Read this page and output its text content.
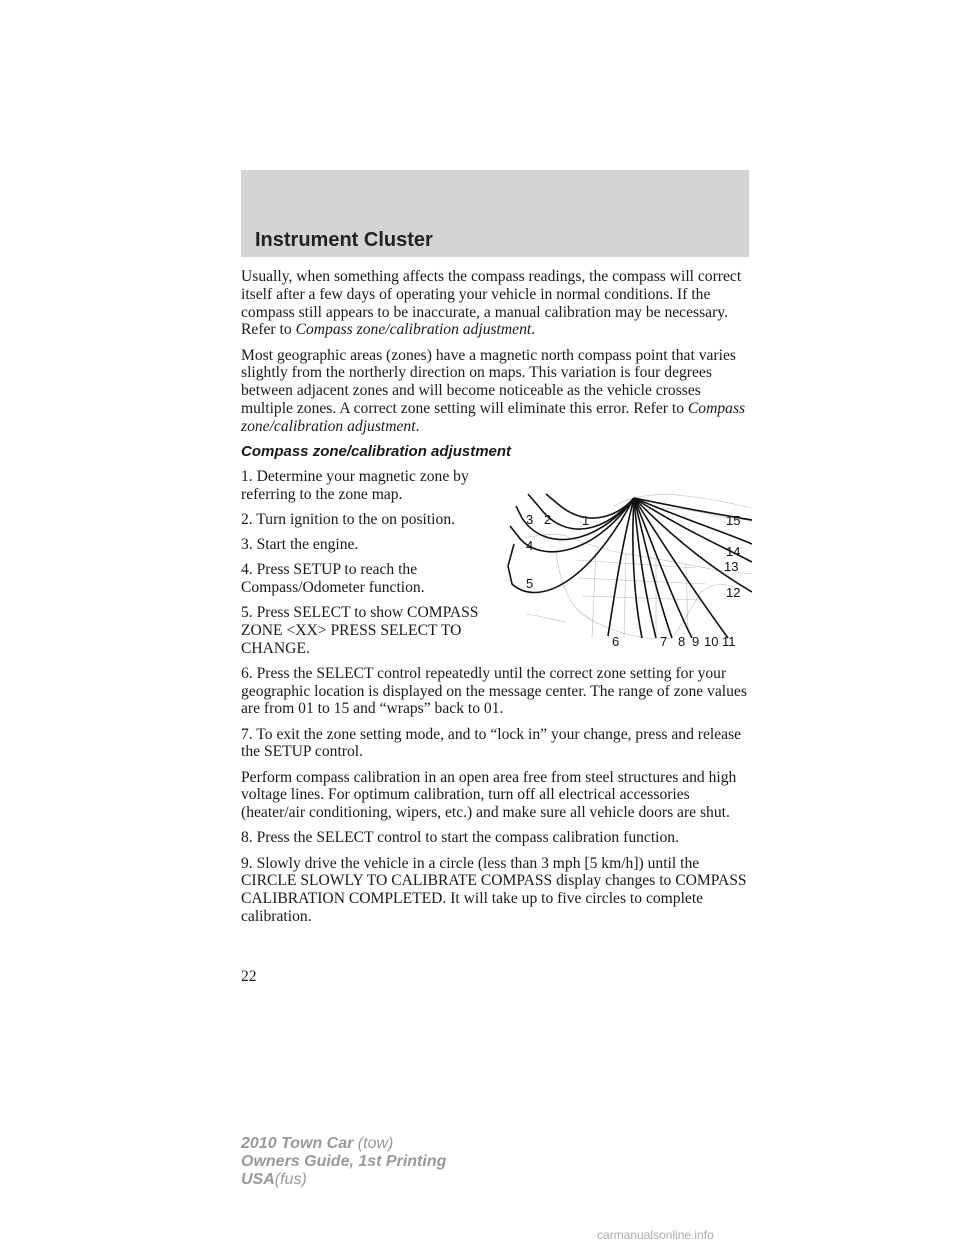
Instrument Cluster

Usually, when something affects the compass readings, the compass will correct itself after a few days of operating your vehicle in normal conditions. If the compass still appears to be inaccurate, a manual calibration may be necessary. Refer to Compass zone/calibration adjustment.

Most geographic areas (zones) have a magnetic north compass point that varies slightly from the northerly direction on maps. This variation is four degrees between adjacent zones and will become noticeable as the vehicle crosses multiple zones. A correct zone setting will eliminate this error. Refer to Compass zone/calibration adjustment.

Compass zone/calibration adjustment

1. Determine your magnetic zone by referring to the zone map.

2. Turn ignition to the on position.

3. Start the engine.

4. Press SETUP to reach the Compass/Odometer function.

5. Press SELECT to show COMPASS ZONE <XX> PRESS SELECT TO CHANGE.

6. Press the SELECT control repeatedly until the correct zone setting for your geographic location is displayed on the message center. The range of zone values are from 01 to 15 and “wraps” back to 01.

7. To exit the zone setting mode, and to “lock in” your change, press and release the SETUP control.

Perform compass calibration in an open area free from steel structures and high voltage lines. For optimum calibration, turn off all electrical accessories (heater/air conditioning, wipers, etc.) and make sure all vehicle doors are shut.

8. Press the SELECT control to start the compass calibration function.

9. Slowly drive the vehicle in a circle (less than 3 mph [5 km/h]) until the CIRCLE SLOWLY TO CALIBRATE COMPASS display changes to COMPASS CALIBRATION COMPLETED. It will take up to five circles to complete calibration.

1
2
3
4
5
6	7 8 9 10 11
12
13
14
15
22
2010 Town Car (tow)
Owners Guide, 1st Printing
USA(fus)
carmanualsonline.info
